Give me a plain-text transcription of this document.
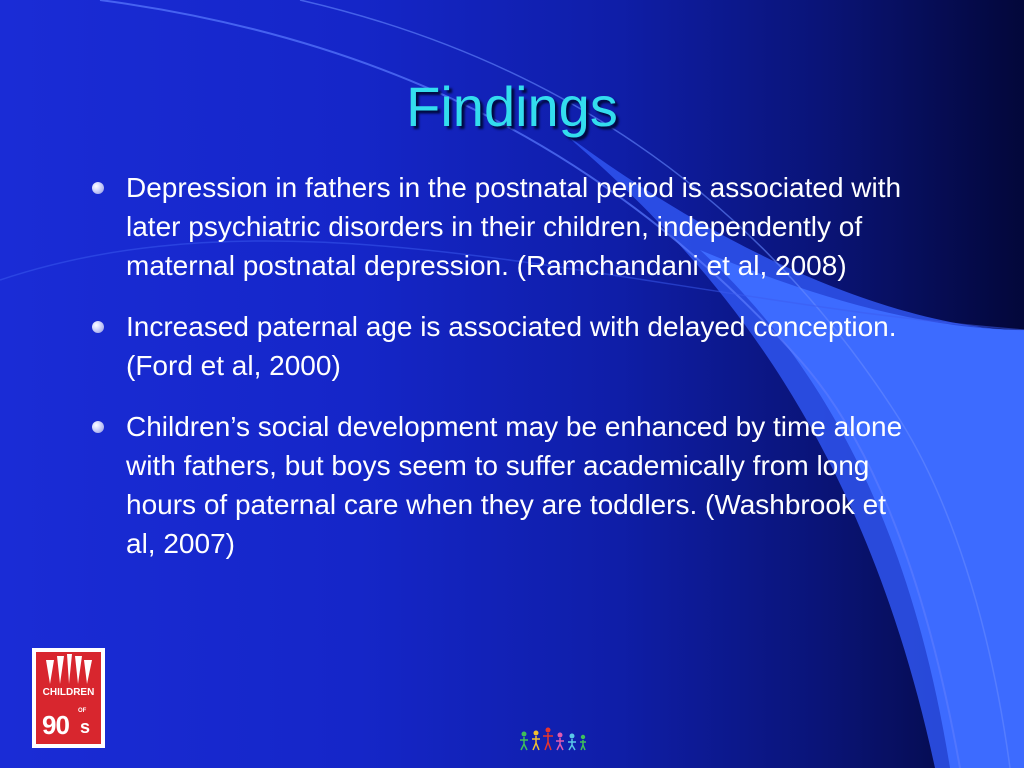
Findings
Depression in fathers in the postnatal period is associated with later psychiatric disorders in their children, independently of maternal postnatal depression. (Ramchandani et al, 2008)
Increased paternal age is associated with delayed conception. (Ford et al, 2000)
Children’s social development may be enhanced by time alone with fathers, but boys seem to suffer academically from long hours of paternal care when they are toddlers. (Washbrook et al, 2007)
CHILDREN
OF
90 s
